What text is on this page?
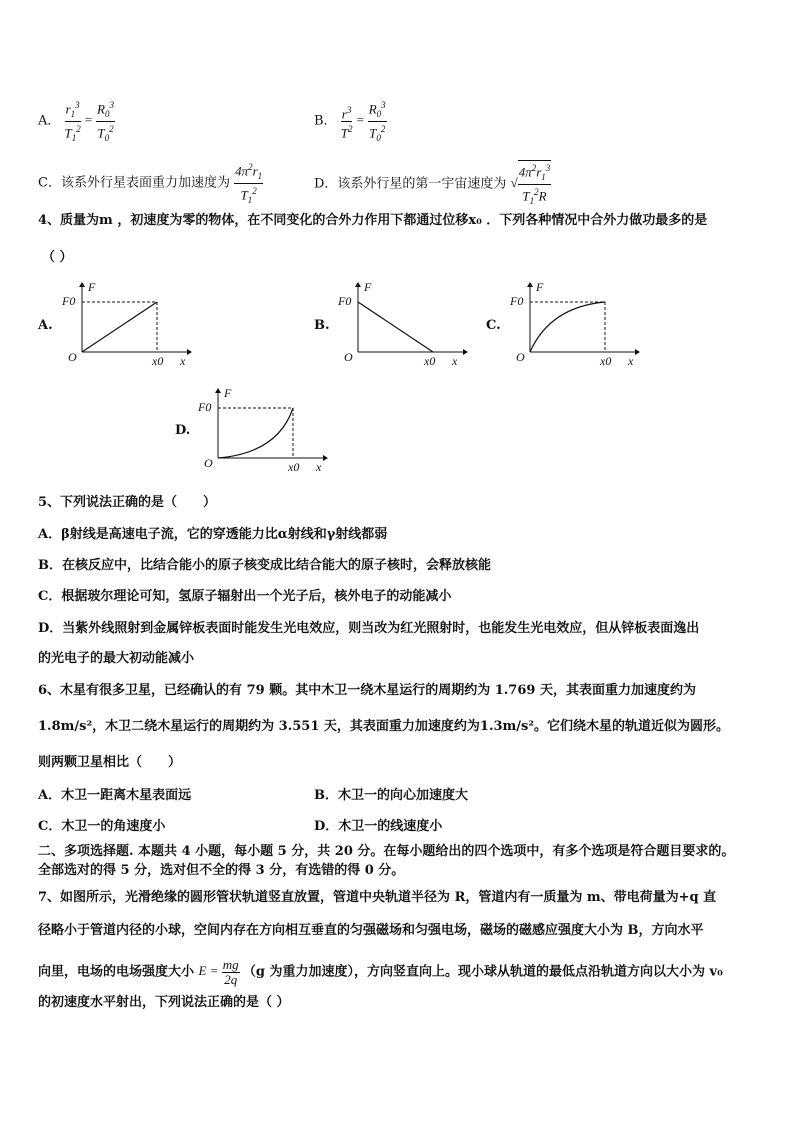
A． $\frac{r_1^3}{T_1^2} = \frac{R_0^3}{T_0^2}$	B． $\frac{r^3}{T^2} = \frac{R_0^3}{T_0^2}$
C．该系外行星表面重力加速度为 $\frac{4\pi^2r_1}{T_1^2}$	D．该系外行星的第一宇宙速度为 √ $\frac{4\pi^2r_1^3}{T_1^2R}$
4、质量为m ，初速度为零的物体，在不同变化的合外力作用下都通过位移x₀ ．下列各种情况中合外力做功最多的是
（ ）
A.
F
F0
O	x0 x
B.
F
F0
O	x0 x
C.
F
F0
O	x0 x
D.
F
F0
O	x0 x
5、下列说法正确的是（　　）
A．β射线是高速电子流，它的穿透能力比α射线和γ射线都弱
B．在核反应中，比结合能小的原子核变成比结合能大的原子核时，会释放核能
C．根据玻尔理论可知，氢原子辐射出一个光子后，核外电子的动能减小
D．当紫外线照射到金属锌板表面时能发生光电效应，则当改为红光照射时，也能发生光电效应，但从锌板表面逸出
的光电子的最大初动能减小
6、木星有很多卫星，已经确认的有 79 颗。其中木卫一绕木星运行的周期约为 1.769 天，其表面重力加速度约为
1.8m/s²，木卫二绕木星运行的周期约为 3.551 天，其表面重力加速度约为1.3m/s²。它们绕木星的轨道近似为圆形。
则两颗卫星相比（　　）
A．木卫一距离木星表面远	B．木卫一的向心加速度大
C．木卫一的角速度小	D．木卫一的线速度小
二、多项选择题. 本题共 4 小题，每小题 5 分，共 20 分。在每小题给出的四个选项中，有多个选项是符合题目要求的。
全部选对的得 5 分，选对但不全的得 3 分，有选错的得 0 分。
7、如图所示，光滑绝缘的圆形管状轨道竖直放置，管道中央轨道半径为 R，管道内有一质量为 m、带电荷量为+q 直
径略小于管道内径的小球，空间内存在方向相互垂直的匀强磁场和匀强电场，磁场的磁感应强度大小为 B，方向水平
向里，电场的电场强度大小 $E = \frac{mg}{2q} (g$ 为重力加速度），方向竖直向上。现小球从轨道的最低点沿轨道方向以大小为 v₀
的初速度水平射出，下列说法正确的是（ ）
